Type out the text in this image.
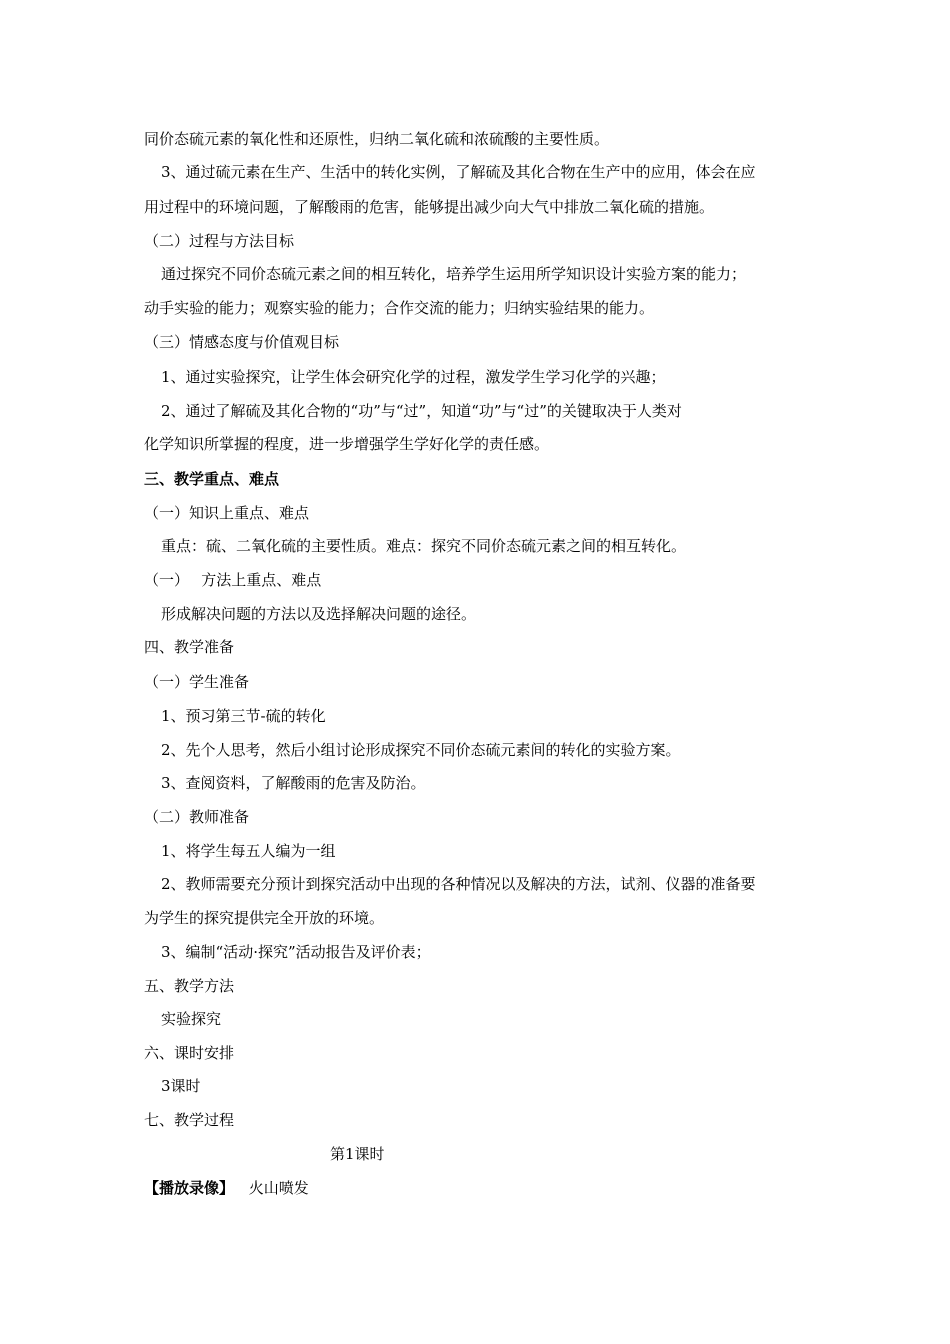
同价态硫元素的氧化性和还原性，归纳二氧化硫和浓硫酸的主要性质。
3、通过硫元素在生产、生活中的转化实例，了解硫及其化合物在生产中的应用，体会在应
用过程中的环境问题，了解酸雨的危害，能够提出减少向大气中排放二氧化硫的措施。
（二）过程与方法目标
通过探究不同价态硫元素之间的相互转化，培养学生运用所学知识设计实验方案的能力；
动手实验的能力；观察实验的能力；合作交流的能力；归纳实验结果的能力。
（三）情感态度与价值观目标
1、通过实验探究，让学生体会研究化学的过程，激发学生学习化学的兴趣；
2、通过了解硫及其化合物的“功”与“过”，知道“功”与“过”的关键取决于人类对
化学知识所掌握的程度，进一步增强学生学好化学的责任感。
三、教学重点、难点
（一）知识上重点、难点
重点：硫、二氧化硫的主要性质。难点：探究不同价态硫元素之间的相互转化。
（一）　 方法上重点、难点
形成解决问题的方法以及选择解决问题的途径。
四、教学准备
（一）学生准备
1、预习第三节-硫的转化
2、先个人思考，然后小组讨论形成探究不同价态硫元素间的转化的实验方案。
3、查阅资料，了解酸雨的危害及防治。
（二）教师准备
1、将学生每五人编为一组
2、教师需要充分预计到探究活动中出现的各种情况以及解决的方法，试剂、仪器的准备要
为学生的探究提供完全开放的环境。
3、编制“活动·探究”活动报告及评价表；
五、教学方法
实验探究
六、课时安排
3课时
七、教学过程
第1课时
【播放录像】 火山喷发
